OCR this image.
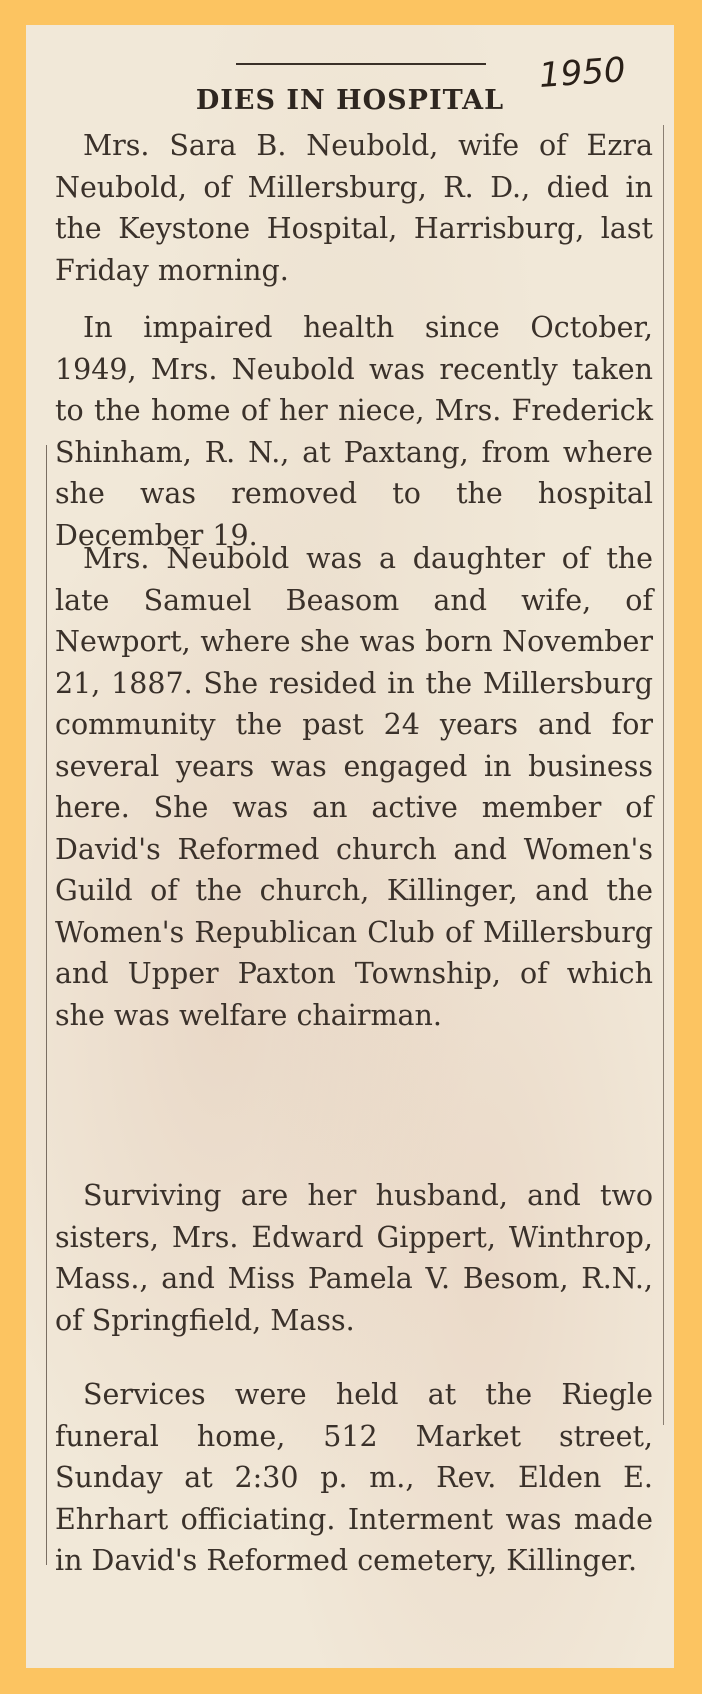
1950
DIES IN HOSPITAL

Mrs. Sara B. Neubold, wife of Ezra Neubold, of Millersburg, R. D., died in the Keystone Hospital, Harrisburg, last Friday morning.

In impaired health since October, 1949, Mrs. Neubold was recently taken to the home of her niece, Mrs. Frederick Shinham, R. N., at Paxtang, from where she was removed to the hospital December 19.

Mrs. Neubold was a daughter of the late Samuel Beasom and wife, of Newport, where she was born November 21, 1887. She resided in the Millersburg community the past 24 years and for several years was engaged in business here. She was an active member of David's Reformed church and Women's Guild of the church, Killinger, and the Women's Republican Club of Millersburg and Upper Paxton Township, of which she was welfare chairman.

Surviving are her husband, and two sisters, Mrs. Edward Gippert, Winthrop, Mass., and Miss Pamela V. Besom, R.N., of Springfield, Mass.

Services were held at the Riegle funeral home, 512 Market street, Sunday at 2:30 p. m., Rev. Elden E. Ehrhart officiating. Interment was made in David's Reformed cemetery, Killinger.
